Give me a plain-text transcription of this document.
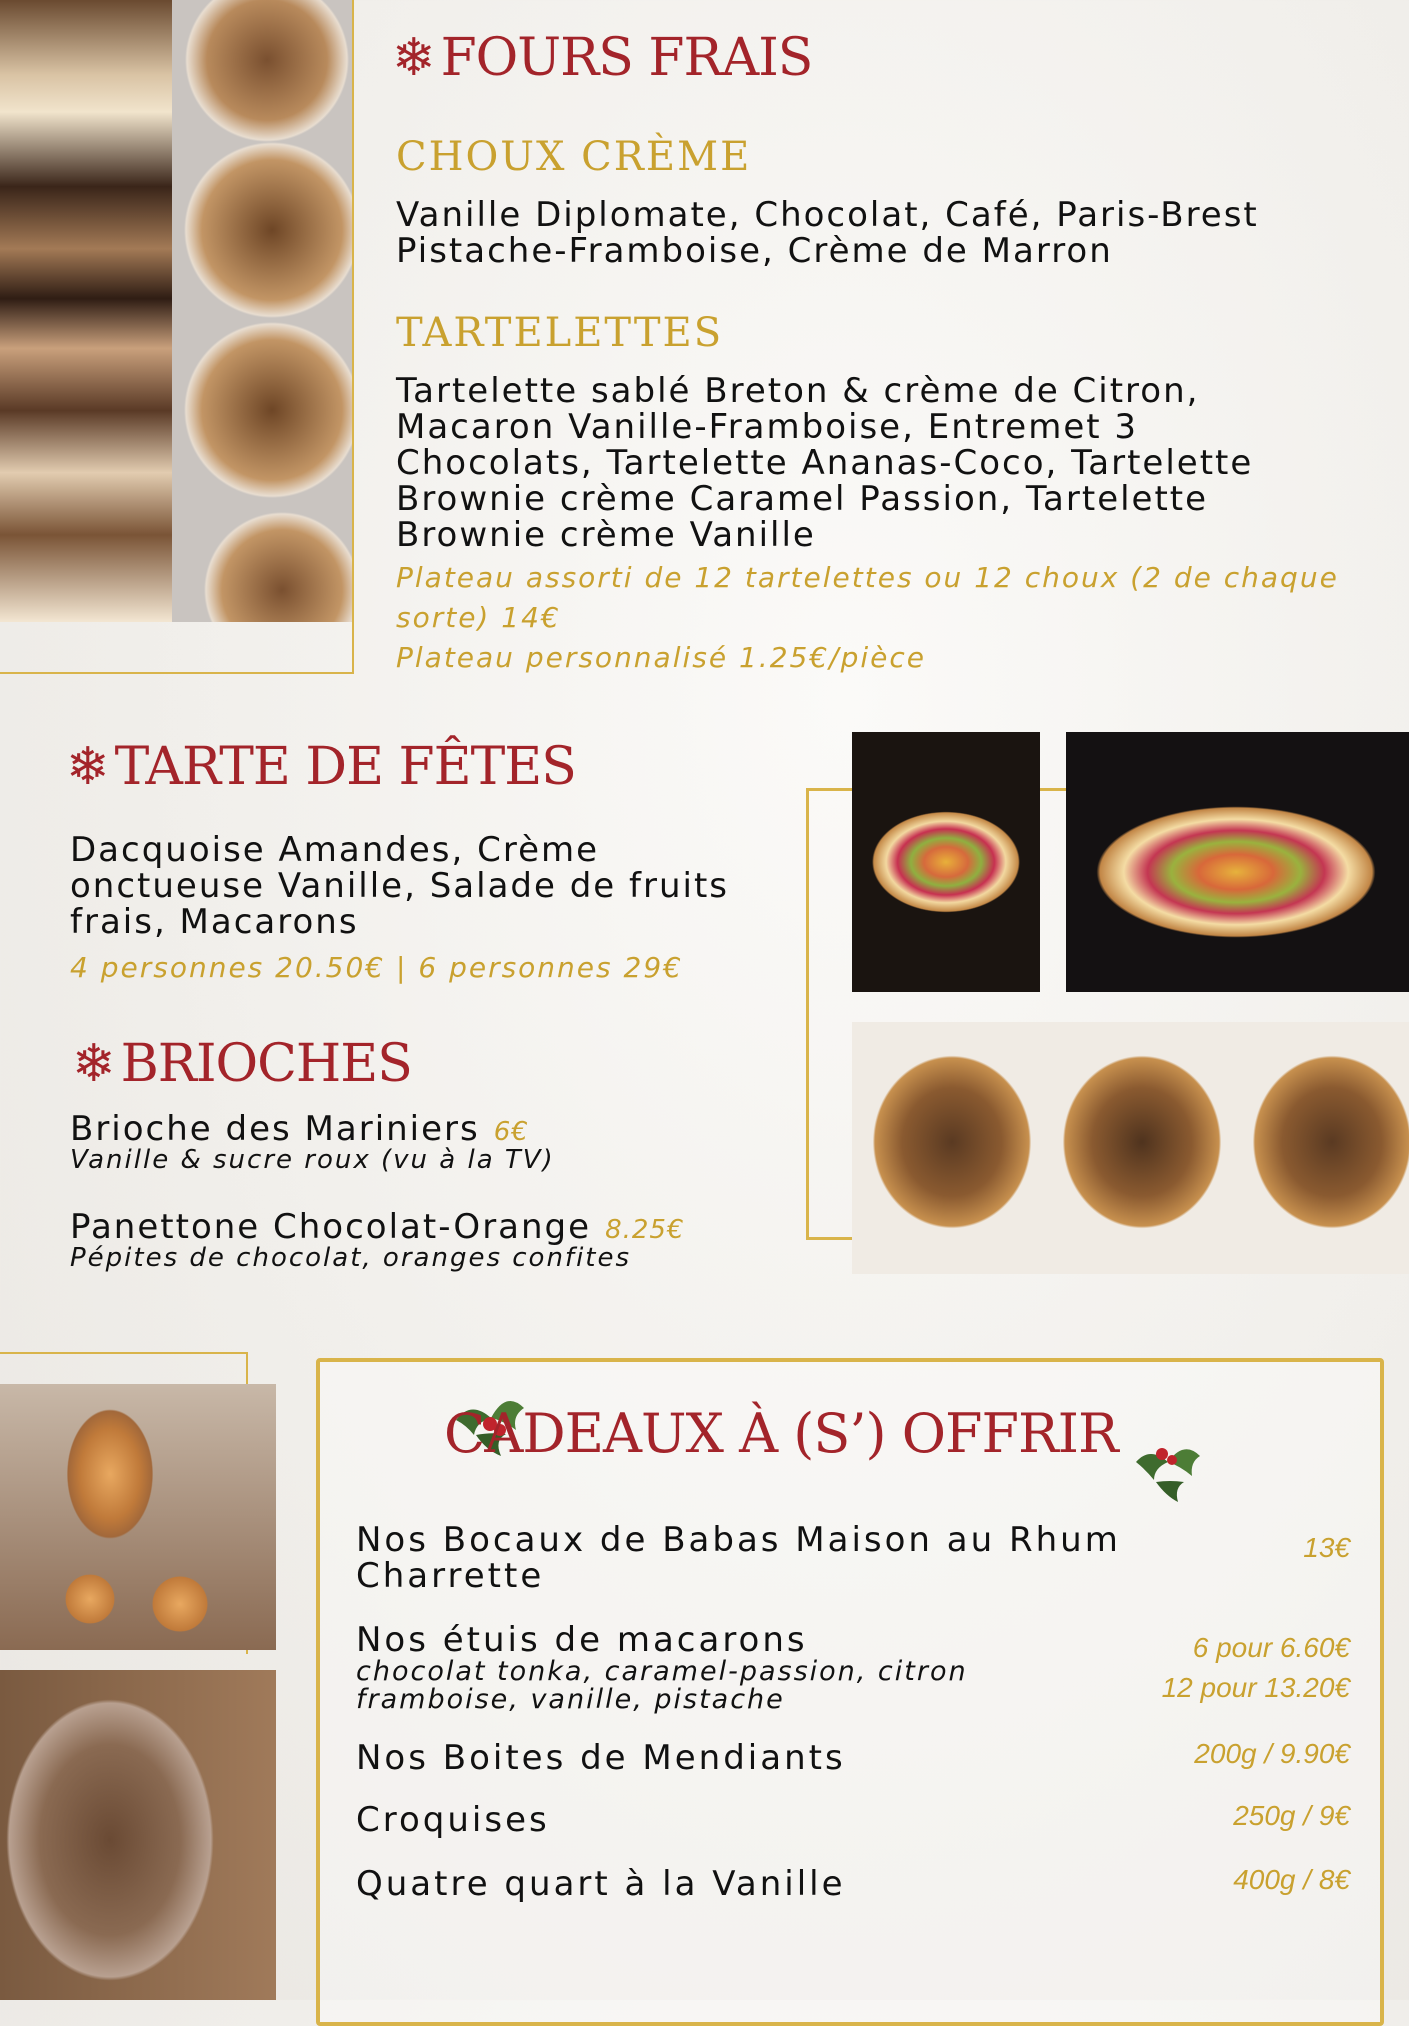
❄ FOURS FRAIS
CHOUX CRÈME
Vanille Diplomate, Chocolat, Café, Paris-Brest
Pistache-Framboise, Crème de Marron
TARTELETTES
Tartelette sablé Breton & crème de Citron,
Macaron Vanille-Framboise, Entremet 3
Chocolats, Tartelette Ananas-Coco, Tartelette
Brownie crème Caramel Passion, Tartelette
Brownie crème Vanille
Plateau assorti de 12 tartelettes ou 12 choux (2 de chaque
sorte) 14€
Plateau personnalisé 1.25€/pièce
❄ TARTE DE FÊTES
Dacquoise Amandes, Crème
onctueuse Vanille, Salade de fruits
frais, Macarons
4 personnes 20.50€ | 6 personnes 29€
❄ BRIOCHES
Brioche des Mariniers 6€
Vanille & sucre roux (vu à la TV)
Panettone Chocolat-Orange 8.25€
Pépites de chocolat, oranges confites
CADEAUX À (S’) OFFRIR
Nos Bocaux de Babas Maison au Rhum
Charrette
13€
Nos étuis de macarons
chocolat tonka, caramel-passion, citron
framboise, vanille, pistache
6 pour 6.60€
12 pour 13.20€
Nos Boites de Mendiants	200g / 9.90€
Croquises	250g / 9€
Quatre quart à la Vanille	400g / 8€
